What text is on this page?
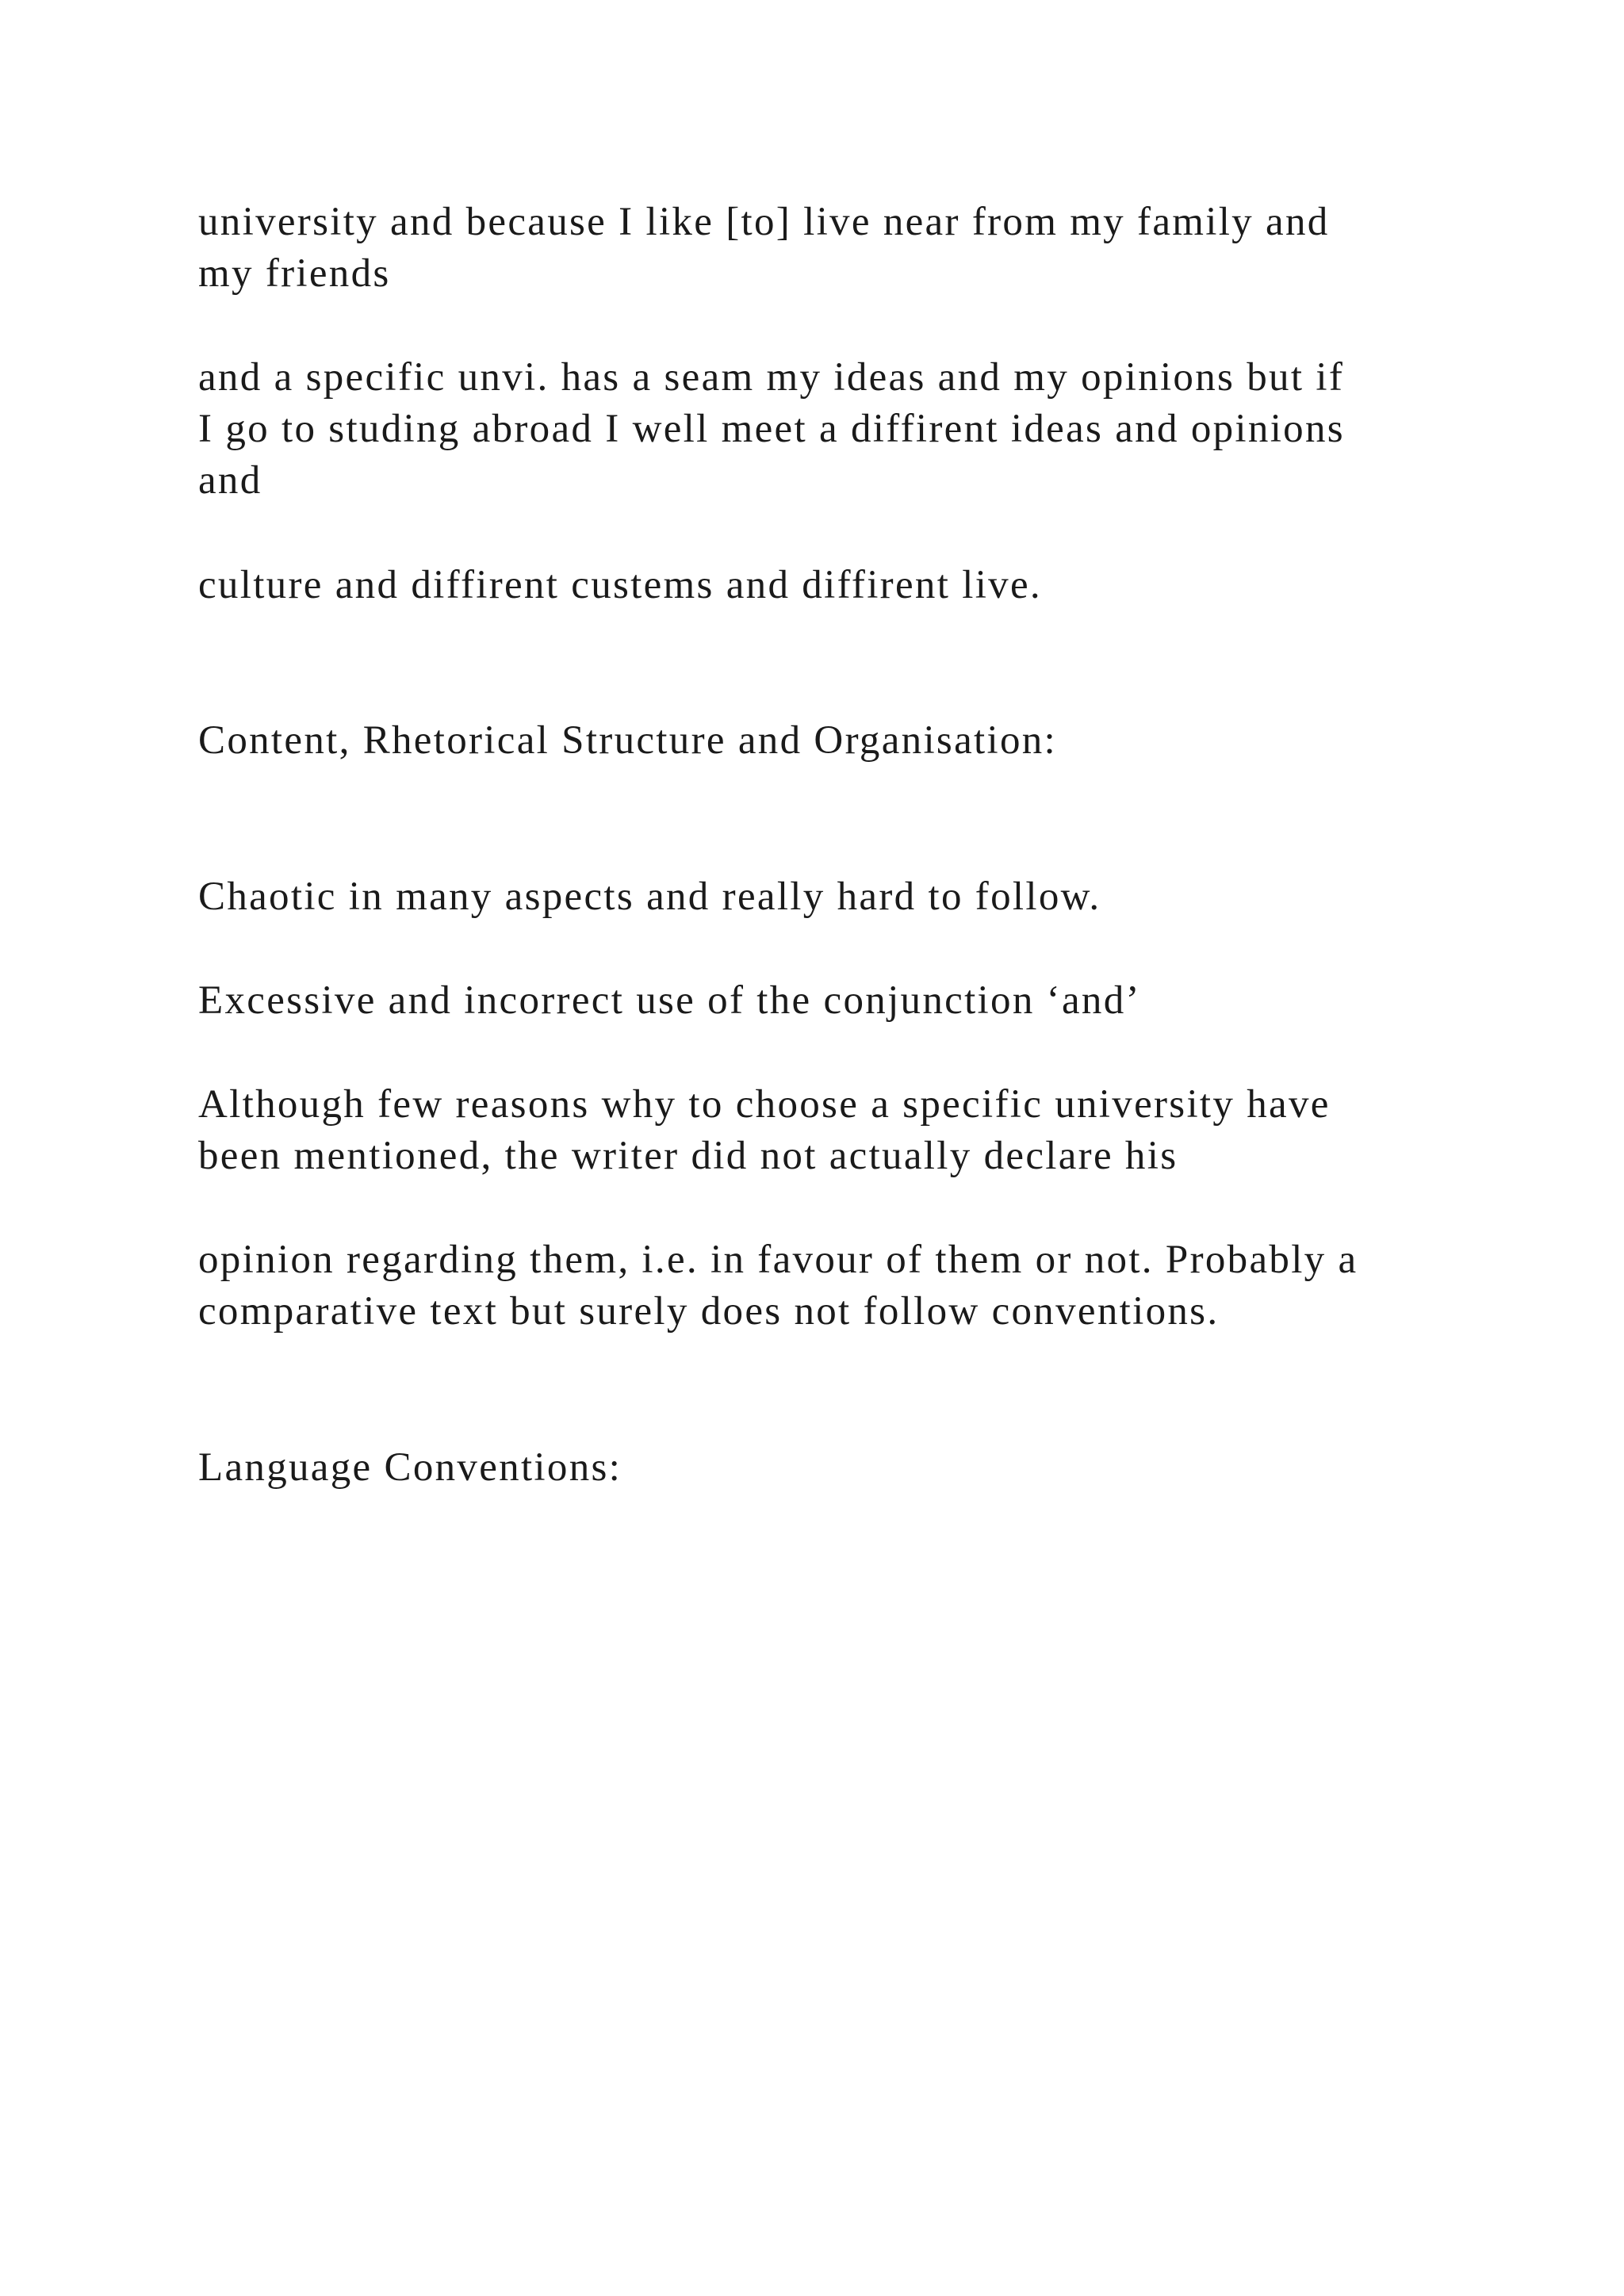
university and because I like [to] live near from my family and
my friends

and a specific unvi. has a seam my ideas and my opinions but if
I go to studing abroad I well meet a diffirent ideas and opinions
and

culture and diffirent custems and diffirent live.

Content, Rhetorical Structure and Organisation:

Chaotic in many aspects and really hard to follow.

Excessive and incorrect use of the conjunction ‘and’

Although few reasons why to choose a specific university have
been mentioned, the writer did not actually declare his

opinion regarding them, i.e. in favour of them or not. Probably a
comparative text but surely does not follow conventions.

Language Conventions:
